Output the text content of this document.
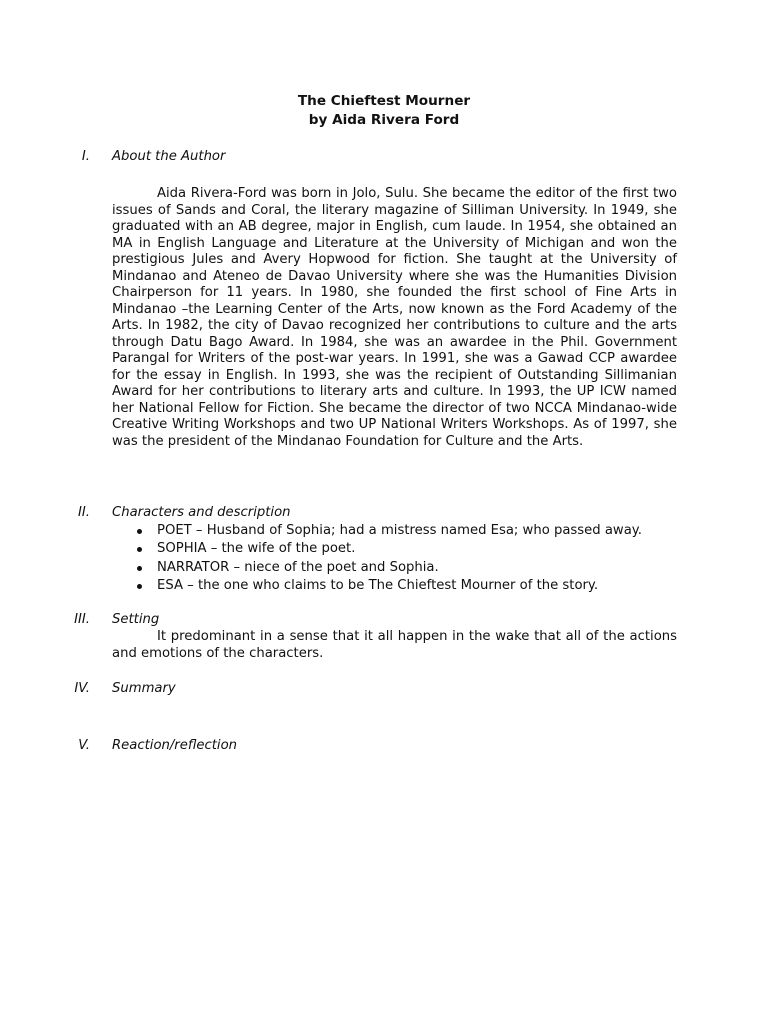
The Chieftest Mourner
by Aida Rivera Ford
I. About the Author

Aida Rivera-Ford was born in Jolo, Sulu. She became the editor of the first two issues of Sands and Coral, the literary magazine of Silliman University. In 1949, she graduated with an AB degree, major in English, cum laude. In 1954, she obtained an MA in English Language and Literature at the University of Michigan and won the prestigious Jules and Avery Hopwood for fiction. She taught at the University of Mindanao and Ateneo de Davao University where she was the Humanities Division Chairperson for 11 years. In 1980, she founded the first school of Fine Arts in Mindanao –the Learning Center of the Arts, now known as the Ford Academy of the Arts. In 1982, the city of Davao recognized her contributions to culture and the arts through Datu Bago Award. In 1984, she was an awardee in the Phil. Government Parangal for Writers of the post-war years. In 1991, she was a Gawad CCP awardee for the essay in English. In 1993, she was the recipient of Outstanding Sillimanian Award for her contributions to literary arts and culture. In 1993, the UP ICW named her National Fellow for Fiction. She became the director of two NCCA Mindanao-wide Creative Writing Workshops and two UP National Writers Workshops. As of 1997, she was the president of the Mindanao Foundation for Culture and the Arts.

II. Characters and description
POET – Husband of Sophia; had a mistress named Esa; who passed away.
SOPHIA – the wife of the poet.
NARRATOR – niece of the poet and Sophia.
ESA – the one who claims to be The Chieftest Mourner of the story.
III. Setting

It predominant in a sense that it all happen in the wake that all of the actions and emotions of the characters.

IV. Summary
V. Reaction/reflection
